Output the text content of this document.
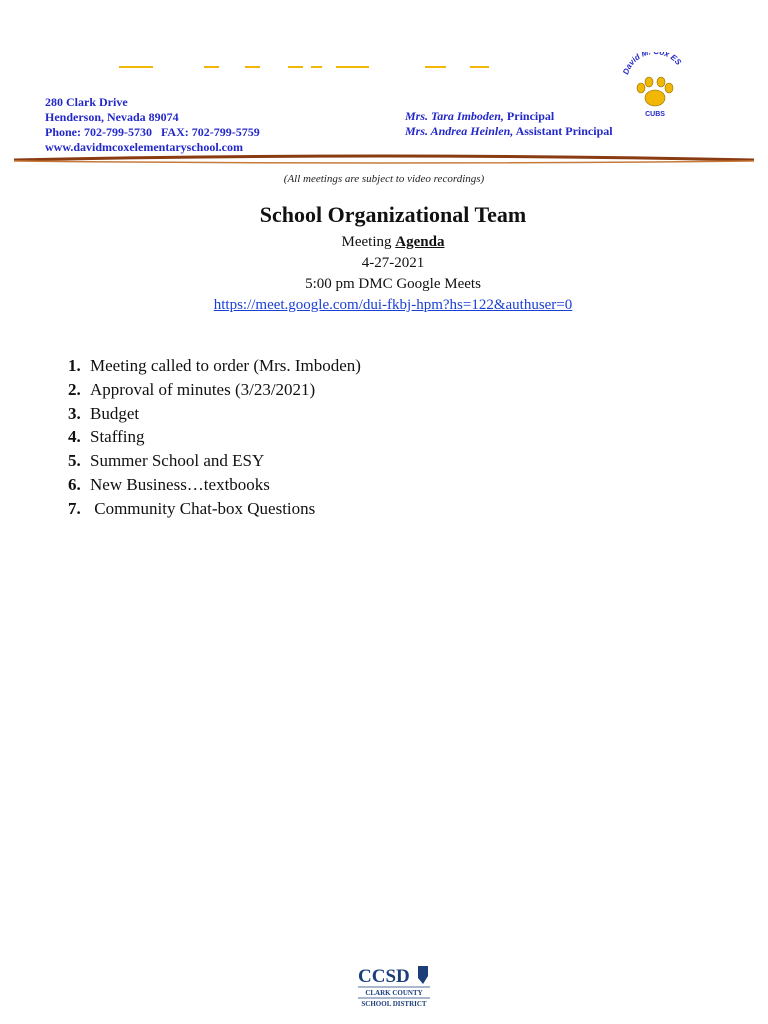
David M ox ES
CUBS
280 Clark Drive
Henderson, Nevada 89074
Phone: 702-799-5730   FAX: 702-799-5759
www.davidmcoxelementaryschool.com
Mrs. Tara Imboden, Principal
Mrs. Andrea Heinlen, Assistant Principal
(All meetings are subject to video recordings)
School Organizational Team
Meeting Agenda
4-27-2021
5:00 pm DMC Google Meets
https://meet.google.com/dui-fkbj-hpm?hs=122&authuser=0
1. Meeting called to order (Mrs. Imboden)
2. Approval of minutes (3/23/2021)
3. Budget
4. Staffing
5. Summer School and ESY
6. New Business…textbooks
7. Community Chat-box Questions
CCSD
CLARK COUNTY
SCHOOL DISTRICT
